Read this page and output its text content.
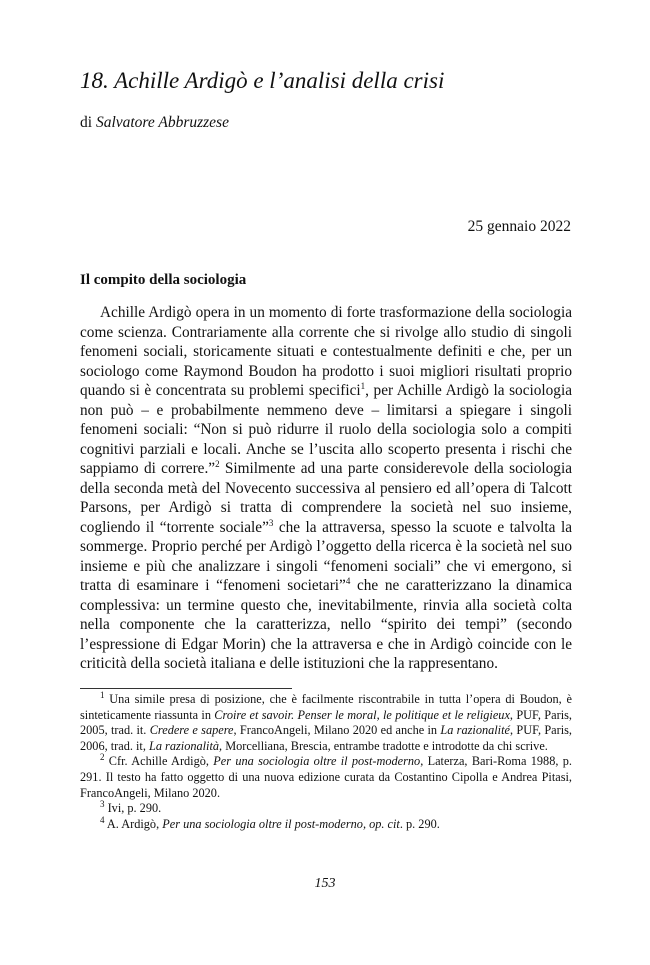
18. Achille Ardigò e l’analisi della crisi

di Salvatore Abbruzzese

25 gennaio 2022

Il compito della sociologia

Achille Ardigò opera in un momento di forte trasformazione della sociologia come scienza. Contrariamente alla corrente che si rivolge allo studio di singoli fenomeni sociali, storicamente situati e contestualmente definiti e che, per un sociologo come Raymond Boudon ha prodotto i suoi migliori risultati proprio quando si è concentrata su problemi specifici$^1$, per Achille Ardigò la sociologia non può – e probabilmente nemmeno deve – limitarsi a spiegare i singoli fenomeni sociali: “Non si può ridurre il ruolo della sociologia solo a compiti cognitivi parziali e locali. Anche se l’uscita allo scoperto presenta i rischi che sappiamo di correre.”$^2$ Similmente ad una parte considerevole della sociologia della seconda metà del Novecento successiva al pensiero ed all’opera di Talcott Parsons, per Ardigò si tratta di comprendere la società nel suo insieme, cogliendo il “torrente sociale”$^3$ che la attraversa, spesso la scuote e talvolta la sommerge. Proprio perché per Ardigò l’oggetto della ricerca è la società nel suo insieme e più che analizzare i singoli “fenomeni sociali” che vi emergono, si tratta di esaminare i “fenomeni societari”$^4$ che ne caratterizzano la dinamica complessiva: un termine questo che, inevitabilmente, rinvia alla società colta nella componente che la caratterizza, nello “spirito dei tempi” (secondo l’espressione di Edgar Morin) che la attraversa e che in Ardigò coincide con le criticità della società italiana e delle istituzioni che la rappresentano.

$^1$ Una simile presa di posizione, che è facilmente riscontrabile in tutta l’opera di Boudon, è sinteticamente riassunta in Croire et savoir. Penser le moral, le politique et le religieux, PUF, Paris, 2005, trad. it. Credere e sapere, FrancoAngeli, Milano 2020 ed anche in La razionalité, PUF, Paris, 2006, trad. it, La razionalità, Morcelliana, Brescia, entrambe tradotte e introdotte da chi scrive.

$^2$ Cfr. Achille Ardigò, Per una sociologia oltre il post-moderno, Laterza, Bari-Roma 1988, p. 291. Il testo ha fatto oggetto di una nuova edizione curata da Costantino Cipolla e Andrea Pitasi, FrancoAngeli, Milano 2020.

$^3$ Ivi, p. 290.

$^4$ A. Ardigò, Per una sociologia oltre il post-moderno, op. cit. p. 290.

153
